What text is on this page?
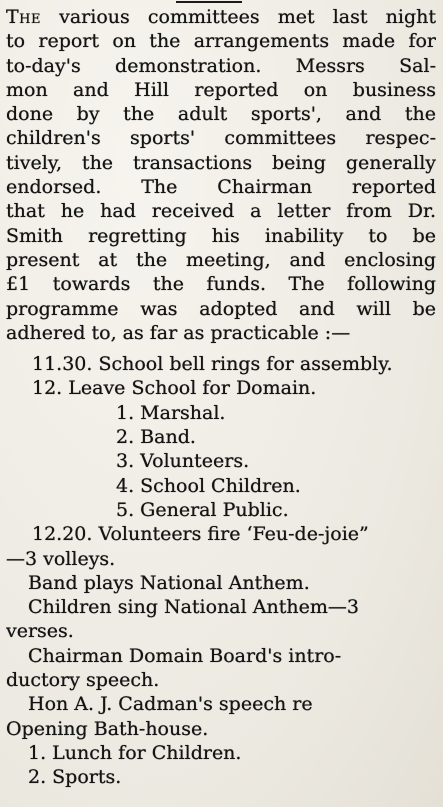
The various committees met last night
to report on the arrangements made for
to-day's demonstration. Messrs Sal-
mon and Hill reported on business
done by the adult sports', and the
children's sports' committees respec-
tively, the transactions being generally
endorsed. The Chairman reported
that he had received a letter from Dr.
Smith regretting his inability to be
present at the meeting, and enclosing
£1 towards the funds. The following
programme was adopted and will be
adhered to, as far as practicable :—
11.30. School bell rings for assembly.
12. Leave School for Domain.
1. Marshal.
2. Band.
3. Volunteers.
4. School Children.
5. General Public.
12.20. Volunteers fire ‘Feu-de-joie”
—3 volleys.
Band plays National Anthem.
Children sing National Anthem—3
verses.
Chairman Domain Board's intro-
ductory speech.
Hon A. J. Cadman's speech re
Opening Bath-house.
1. Lunch for Children.
2. Sports.
